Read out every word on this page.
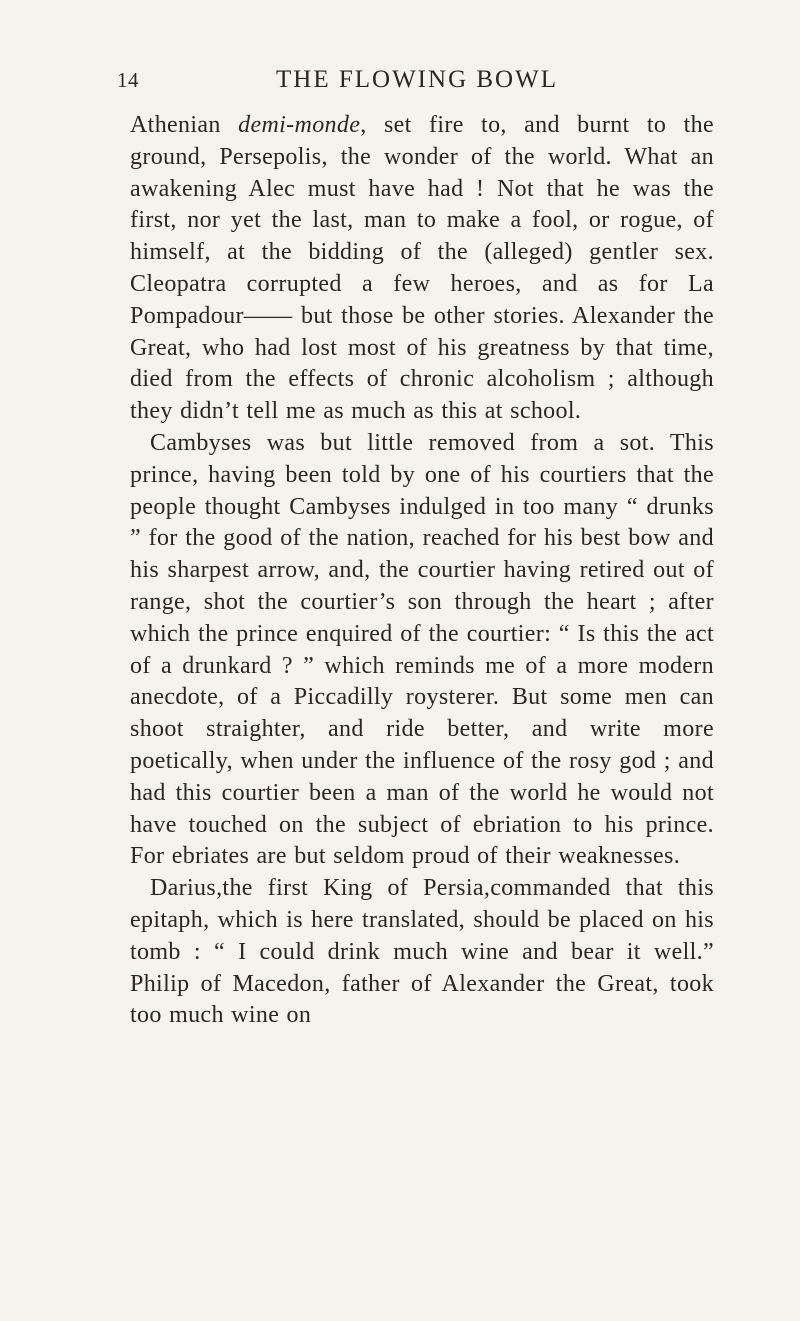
14	THE FLOWING BOWL

Athenian demi-monde, set fire to, and burnt to the ground, Persepolis, the wonder of the world. What an awakening Alec must have had ! Not that he was the first, nor yet the last, man to make a fool, or rogue, of himself, at the bidding of the (alleged) gentler sex. Cleopatra corrupted a few heroes, and as for La Pompadour—— but those be other stories. Alexander the Great, who had lost most of his greatness by that time, died from the effects of chronic alcoholism ; although they didn’t tell me as much as this at school.

Cambyses was but little removed from a sot. This prince, having been told by one of his courtiers that the people thought Cambyses indulged in too many “ drunks ” for the good of the nation, reached for his best bow and his sharpest arrow, and, the courtier having retired out of range, shot the courtier’s son through the heart ; after which the prince enquired of the courtier: “ Is this the act of a drunkard ? ” which reminds me of a more modern anecdote, of a Piccadilly roysterer. But some men can shoot straighter, and ride better, and write more poetically, when under the influence of the rosy god ; and had this courtier been a man of the world he would not have touched on the subject of ebriation to his prince. For ebriates are but seldom proud of their weaknesses.

Darius,the first King of Persia,commanded that this epitaph, which is here translated, should be placed on his tomb : “ I could drink much wine and bear it well.” Philip of Macedon, father of Alexander the Great, took too much wine on
